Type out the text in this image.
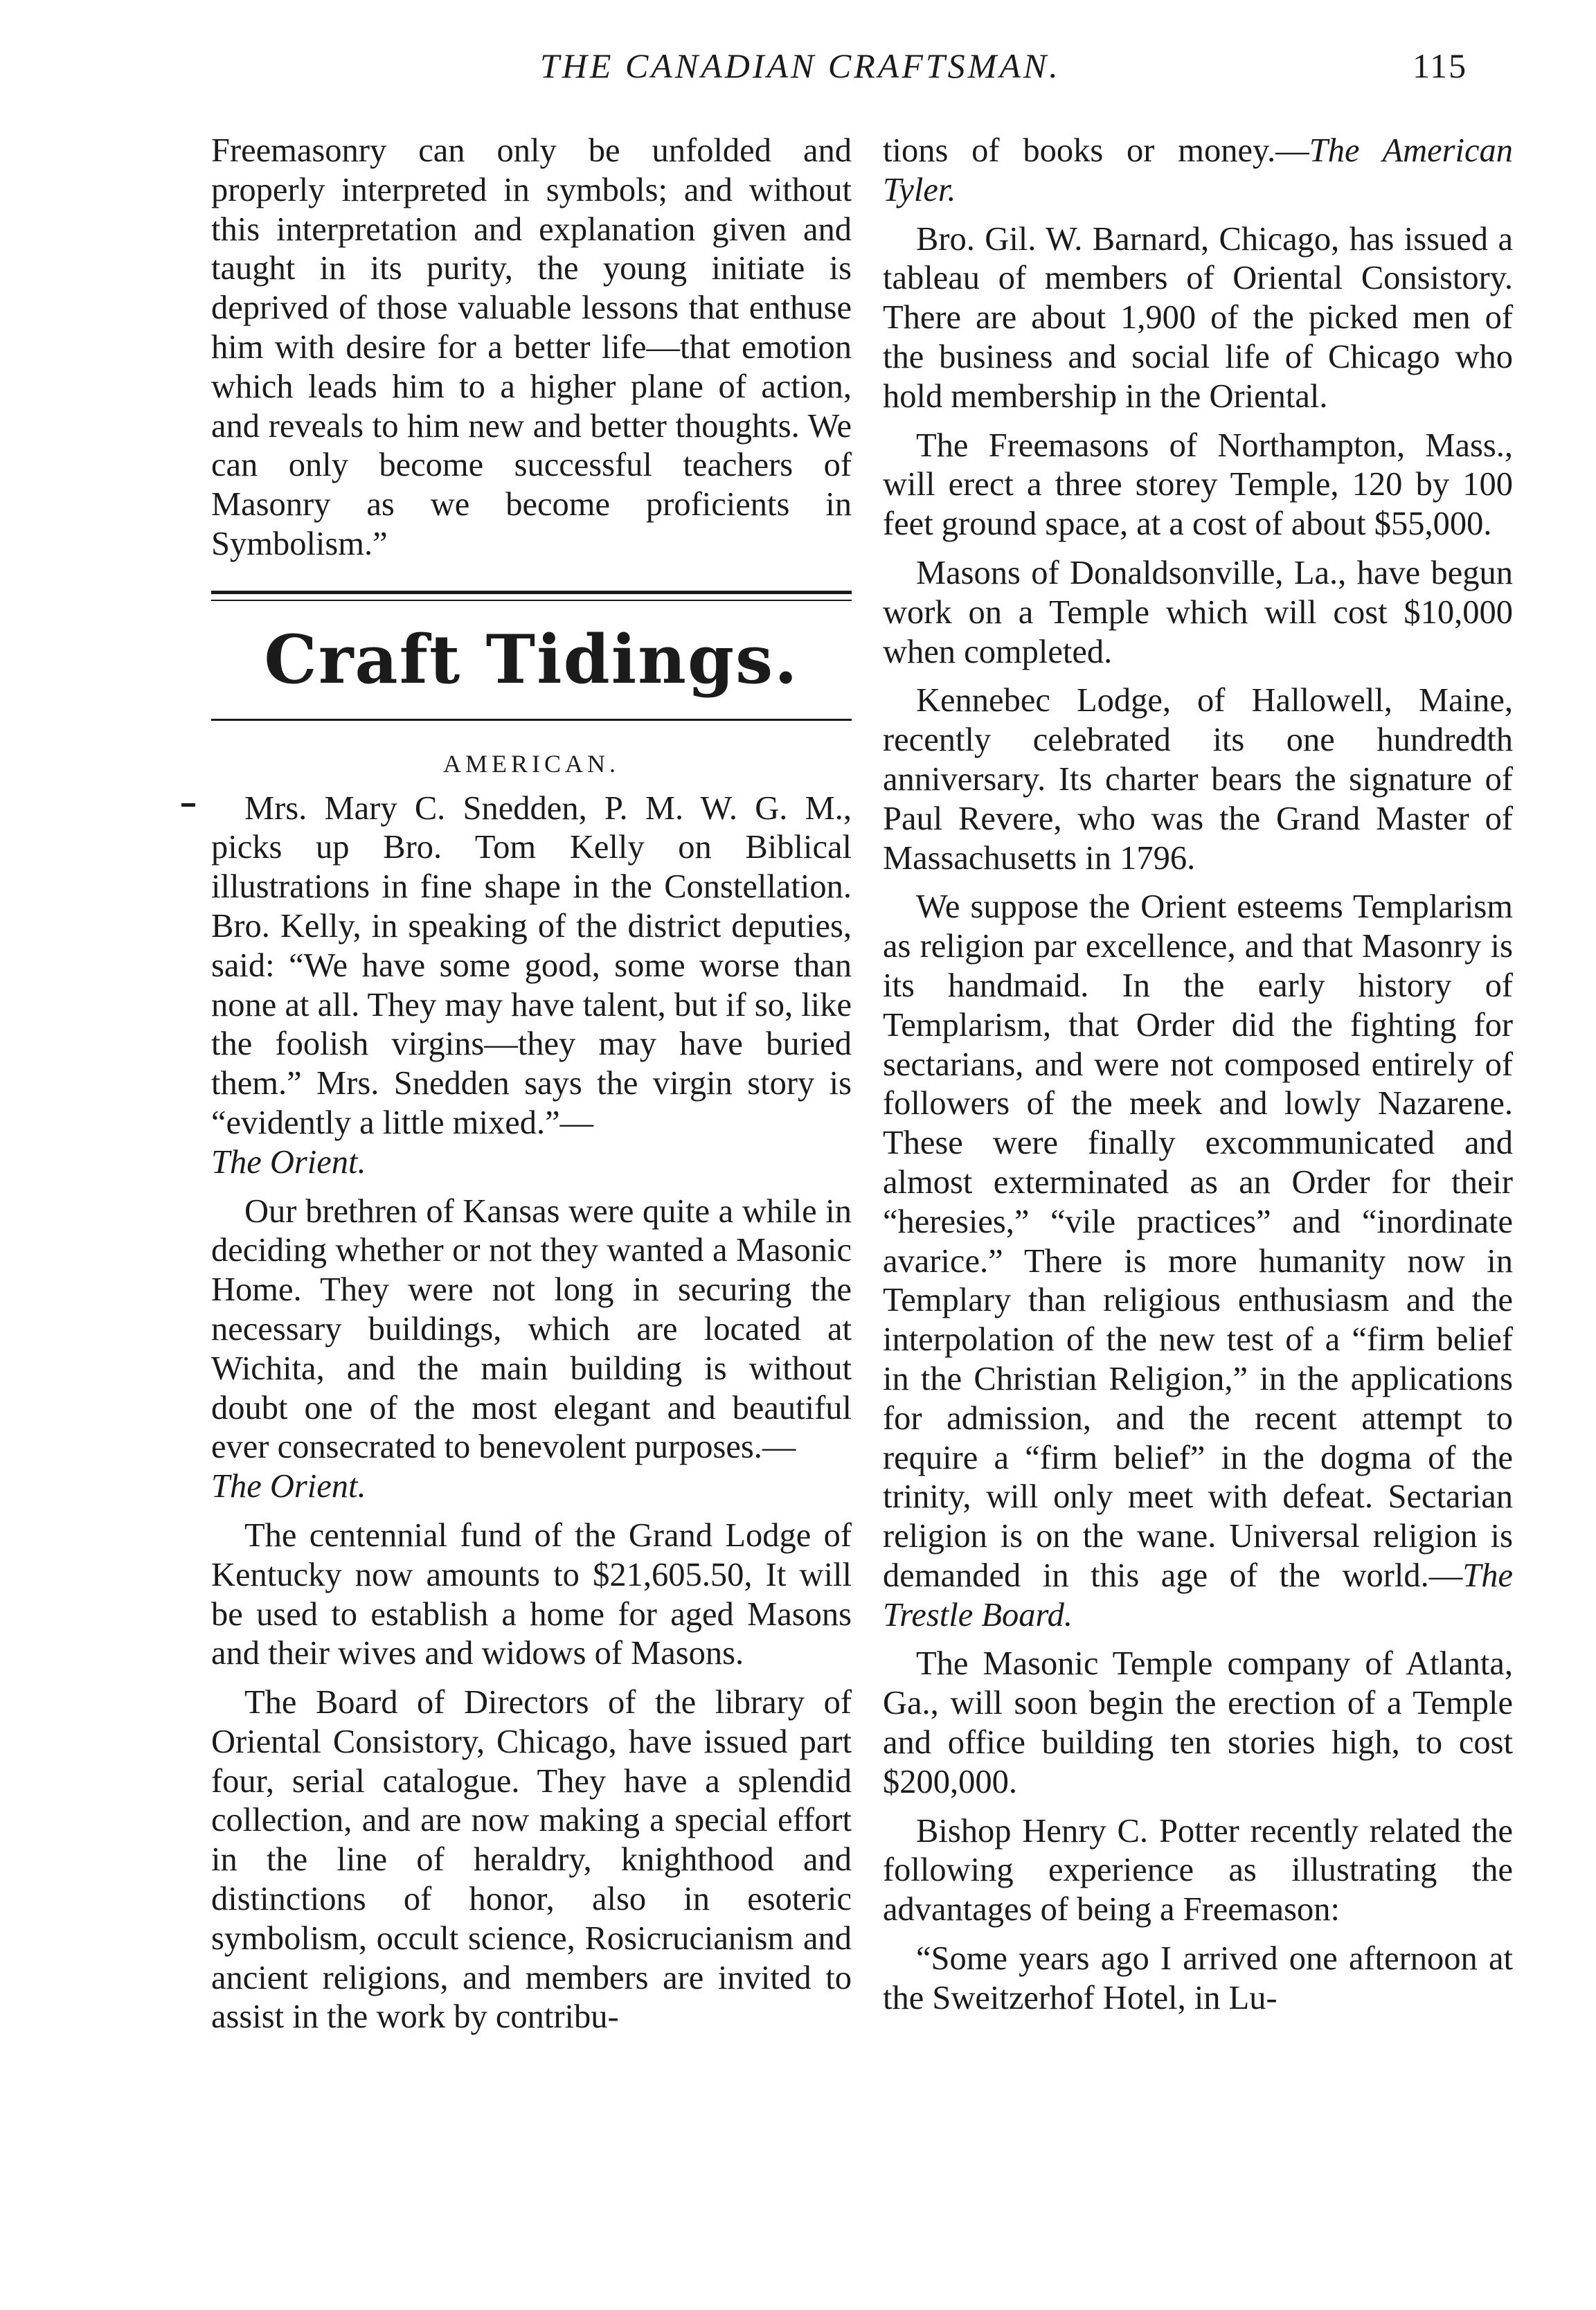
THE CANADIAN CRAFTSMAN.	115

Freemasonry can only be unfolded and properly interpreted in symbols; and without this interpretation and explanation given and taught in its purity, the young initiate is deprived of those valuable lessons that enthuse him with desire for a better life—that emotion which leads him to a higher plane of action, and reveals to him new and better thoughts. We can only become successful teachers of Masonry as we become proficients in Symbolism.”

Craft Tidings.
AMERICAN.

Mrs. Mary C. Snedden, P. M. W. G. M., picks up Bro. Tom Kelly on Biblical illustrations in fine shape in the Constellation. Bro. Kelly, in speaking of the district deputies, said: “We have some good, some worse than none at all. They may have talent, but if so, like the foolish virgins—they may have buried them.” Mrs. Snedden says the virgin story is “evidently a little mixed.”—
The Orient.

Our brethren of Kansas were quite a while in deciding whether or not they wanted a Masonic Home. They were not long in securing the necessary buildings, which are located at Wichita, and the main building is without doubt one of the most elegant and beautiful ever consecrated to benevolent purposes.—
The Orient.

The centennial fund of the Grand Lodge of Kentucky now amounts to $21,605.50, It will be used to establish a home for aged Masons and their wives and widows of Masons.

The Board of Directors of the library of Oriental Consistory, Chicago, have issued part four, serial catalogue. They have a splendid collection, and are now making a special effort in the line of heraldry, knighthood and distinctions of honor, also in esoteric symbolism, occult science, Rosicrucianism and ancient religions, and members are invited to assist in the work by contribu-

tions of books or money.—The American Tyler.

Bro. Gil. W. Barnard, Chicago, has issued a tableau of members of Oriental Consistory. There are about 1,900 of the picked men of the business and social life of Chicago who hold membership in the Oriental.

The Freemasons of Northampton, Mass., will erect a three storey Temple, 120 by 100 feet ground space, at a cost of about $55,000.

Masons of Donaldsonville, La., have begun work on a Temple which will cost $10,000 when completed.

Kennebec Lodge, of Hallowell, Maine, recently celebrated its one hundredth anniversary. Its charter bears the signature of Paul Revere, who was the Grand Master of Massachusetts in 1796.

We suppose the Orient esteems Templarism as religion par excellence, and that Masonry is its handmaid. In the early history of Templarism, that Order did the fighting for sectarians, and were not composed entirely of followers of the meek and lowly Nazarene. These were finally excommunicated and almost exterminated as an Order for their “heresies,” “vile practices” and “inordinate avarice.” There is more humanity now in Templary than religious enthusiasm and the interpolation of the new test of a “firm belief in the Christian Religion,” in the applications for admission, and the recent attempt to require a “firm belief” in the dogma of the trinity, will only meet with defeat. Sectarian religion is on the wane. Universal religion is demanded in this age of the world.—The Trestle Board.

The Masonic Temple company of Atlanta, Ga., will soon begin the erection of a Temple and office building ten stories high, to cost $200,000.

Bishop Henry C. Potter recently related the following experience as illustrating the advantages of being a Freemason:

“Some years ago I arrived one afternoon at the Sweitzerhof Hotel, in Lu-
